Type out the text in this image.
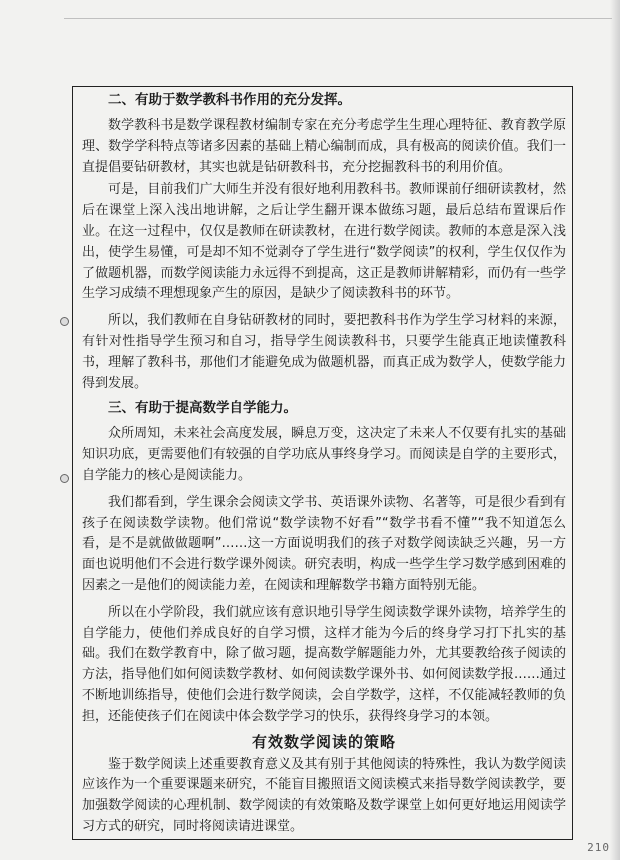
二、有助于数学教科书作用的充分发挥。

数学教科书是数学课程教材编制专家在充分考虑学生生理心理特征、教育教学原理、数学学科特点等诸多因素的基础上精心编制而成，具有极高的阅读价值。我们一直提倡要钻研教材，其实也就是钻研教科书，充分挖掘教科书的利用价值。

可是，目前我们广大师生并没有很好地利用教科书。教师课前仔细研读教材，然后在课堂上深入浅出地讲解，之后让学生翻开课本做练习题，最后总结布置课后作业。在这一过程中，仅仅是教师在研读教材，在进行数学阅读。教师的本意是深入浅出，使学生易懂，可是却不知不觉剥夺了学生进行“数学阅读”的权利，学生仅仅作为了做题机器，而数学阅读能力永远得不到提高，这正是教师讲解精彩，而仍有一些学生学习成绩不理想现象产生的原因，是缺少了阅读教科书的环节。

所以，我们教师在自身钻研教材的同时，要把教科书作为学生学习材料的来源，有针对性指导学生预习和自习，指导学生阅读教科书，只要学生能真正地读懂教科书，理解了教科书，那他们才能避免成为做题机器，而真正成为数学人，使数学能力得到发展。

三、有助于提高数学自学能力。

众所周知，未来社会高度发展，瞬息万变，这决定了未来人不仅要有扎实的基础知识功底，更需要他们有较强的自学功底从事终身学习。而阅读是自学的主要形式，自学能力的核心是阅读能力。

我们都看到，学生课余会阅读文学书、英语课外读物、名著等，可是很少看到有孩子在阅读数学读物。他们常说“数学读物不好看”“数学书看不懂”“我不知道怎么看，是不是就做做题啊”……这一方面说明我们的孩子对数学阅读缺乏兴趣，另一方面也说明他们不会进行数学课外阅读。研究表明，构成一些学生学习数学感到困难的因素之一是他们的阅读能力差，在阅读和理解数学书籍方面特别无能。

所以在小学阶段，我们就应该有意识地引导学生阅读数学课外读物，培养学生的自学能力，使他们养成良好的自学习惯，这样才能为今后的终身学习打下扎实的基础。我们在数学教育中，除了做习题，提高数学解题能力外，尤其要教给孩子阅读的方法，指导他们如何阅读数学教材、如何阅读数学课外书、如何阅读数学报……通过不断地训练指导，使他们会进行数学阅读，会自学数学，这样，不仅能减轻教师的负担，还能使孩子们在阅读中体会数学学习的快乐，获得终身学习的本领。

有效数学阅读的策略

鉴于数学阅读上述重要教育意义及其有别于其他阅读的特殊性，我认为数学阅读应该作为一个重要课题来研究，不能盲目搬照语文阅读模式来指导数学阅读教学，要加强数学阅读的心理机制、数学阅读的有效策略及数学课堂上如何更好地运用阅读学习方式的研究，同时将阅读请进课堂。

210
